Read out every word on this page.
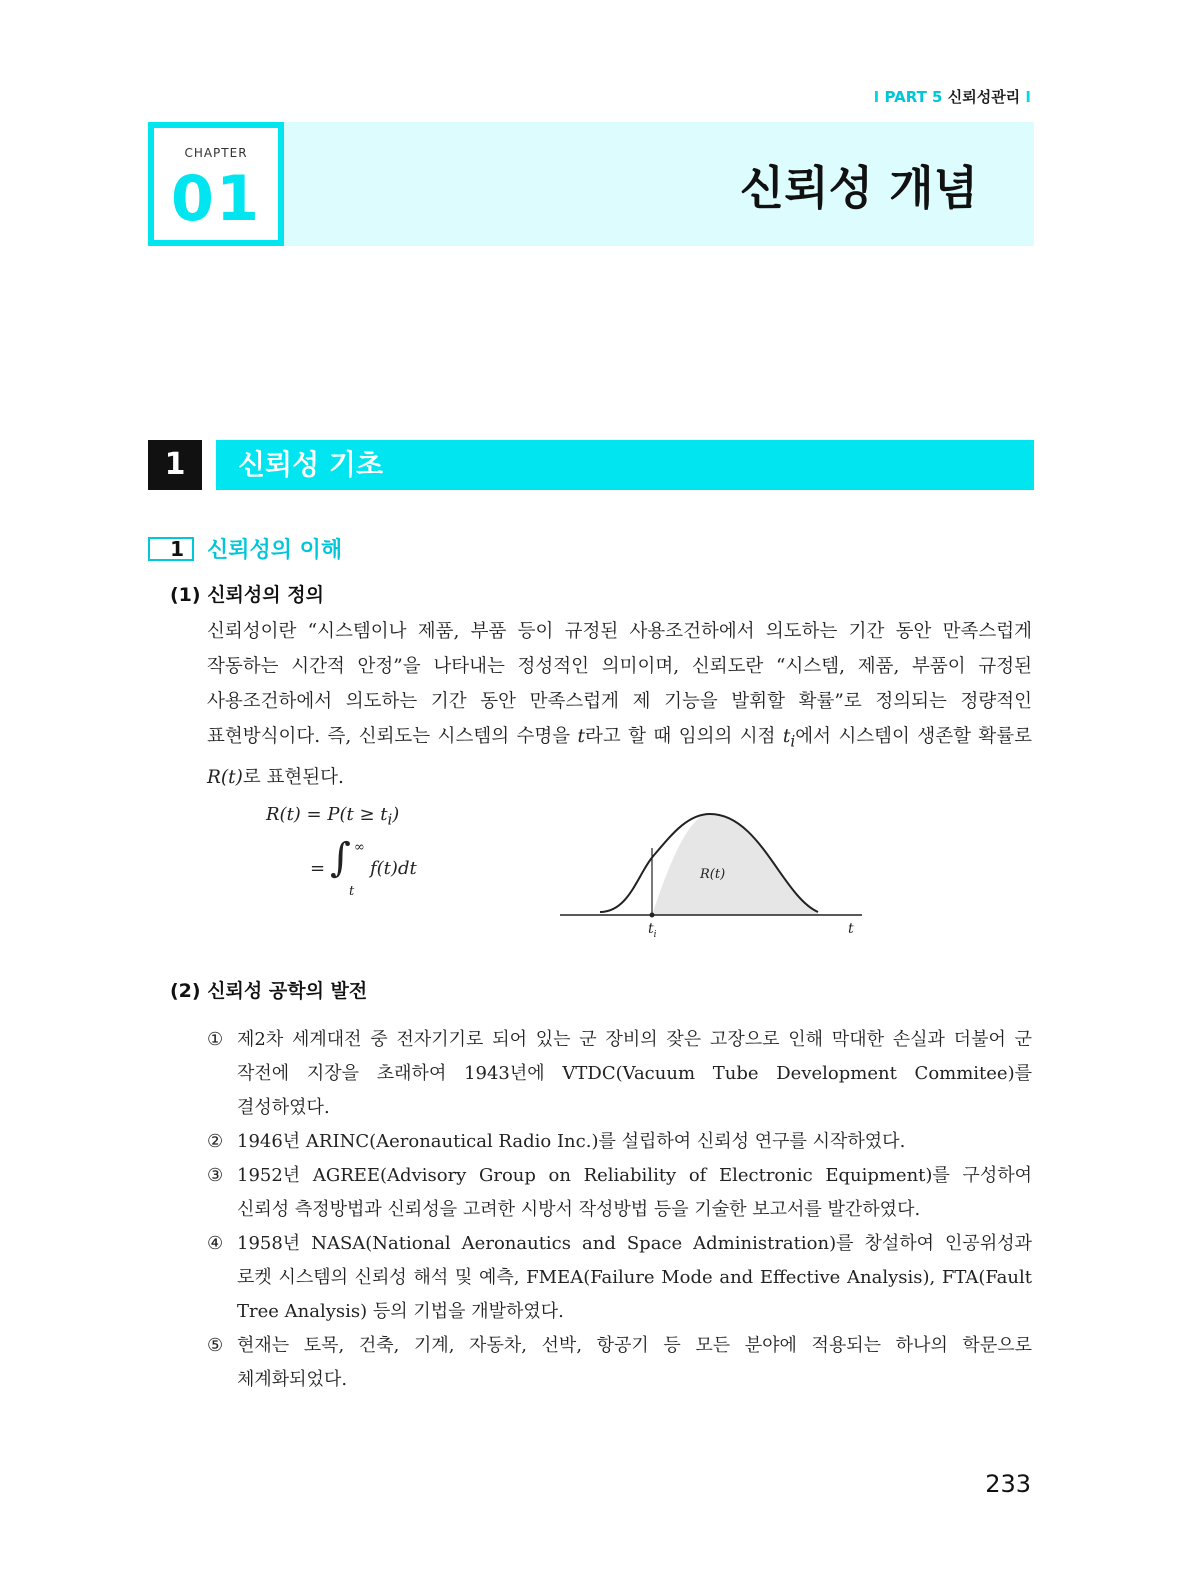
I PART 5 신뢰성관리 I
CHAPTER
01	신뢰성 개념
1	신뢰성 기초
1	신뢰성의 이해
(1) 신뢰성의 정의
신뢰성이란 “시스템이나 제품, 부품 등이 규정된 사용조건하에서 의도하는 기간 동안 만족스럽게 작동하는 시간적 안정”을 나타내는 정성적인 의미이며, 신뢰도란 “시스템, 제품, 부품이 규정된 사용조건하에서 의도하는 기간 동안 만족스럽게 제 기능을 발휘할 확률”로 정의되는 정량적인 표현방식이다. 즉, 신뢰도는 시스템의 수명을 t라고 할 때 임의의 시점 $t_i$에서 시스템이 생존할 확률로 R(t)로 표현된다.
$R(t) = P(t \ge t_i)$
= ∫ ∞
t
f(t)dt	R(t)
$t_i$	t
(2) 신뢰성 공학의 발전
① 제2차 세계대전 중 전자기기로 되어 있는 군 장비의 잦은 고장으로 인해 막대한 손실과 더불어 군 작전에 지장을 초래하여 1943년에 VTDC(Vacuum Tube Development Commitee)를 결성하였다.
② 1946년 ARINC(Aeronautical Radio Inc.)를 설립하여 신뢰성 연구를 시작하였다.
③ 1952년 AGREE(Advisory Group on Reliability of Electronic Equipment)를 구성하여 신뢰성 측정방법과 신뢰성을 고려한 시방서 작성방법 등을 기술한 보고서를 발간하였다.
④ 1958년 NASA(National Aeronautics and Space Administration)를 창설하여 인공위성과 로켓 시스템의 신뢰성 해석 및 예측, FMEA(Failure Mode and Effective Analysis), FTA(Fault Tree Analysis) 등의 기법을 개발하였다.
⑤ 현재는 토목, 건축, 기계, 자동차, 선박, 항공기 등 모든 분야에 적용되는 하나의 학문으로 체계화되었다.
233
